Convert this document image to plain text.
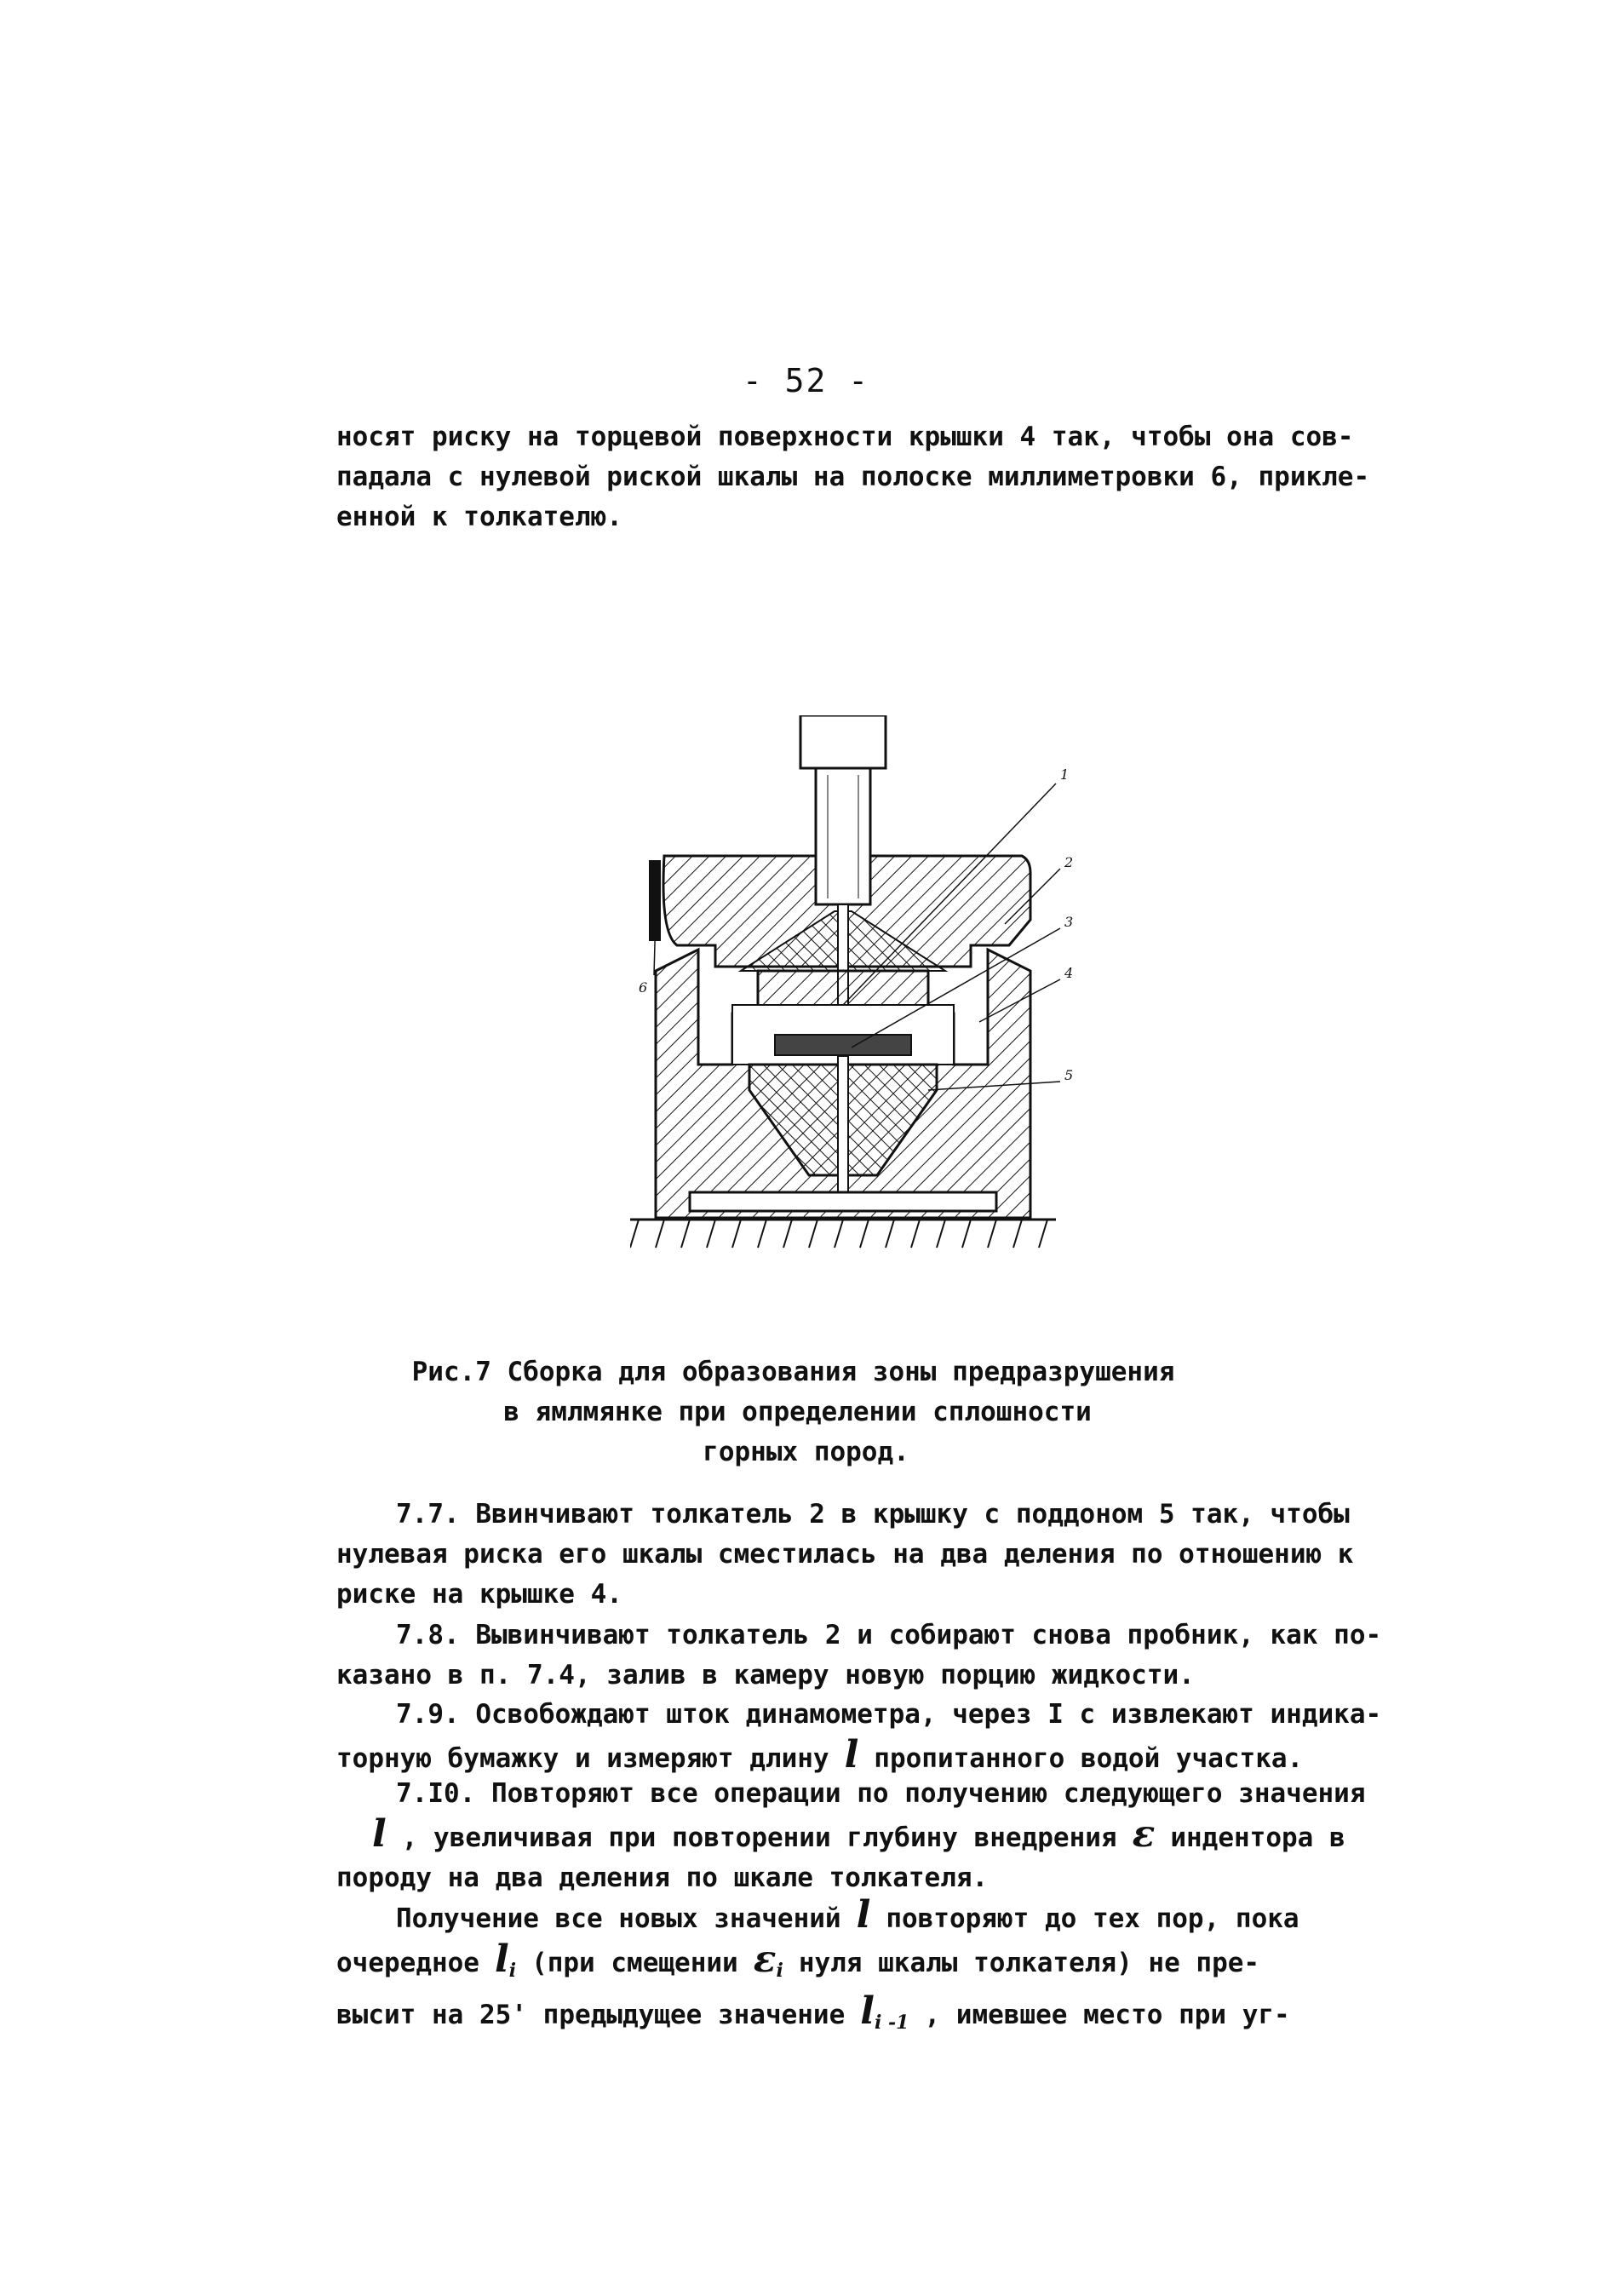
- 52 -
носят риску на торцевой поверхности крышки 4 так, чтобы она сов-
падала с нулевой риской шкалы на полоске миллиметровки 6, прикле-
енной к толкателю.
1
2
3
4
5
6
Рис.7 Сборка для образования зоны предразрушения
в ямлмянке при определении сплошности
горных пород.
7.7. Ввинчивают толкатель 2 в крышку с поддоном 5 так, чтобы
нулевая риска его шкалы сместилась на два деления по отношению к
риске на крышке 4.
7.8. Вывинчивают толкатель 2 и собирают снова пробник, как по-
казано в п. 7.4, залив в камеру новую порцию жидкости.
7.9. Освобождают шток динамометра, через I с извлекают индика-
торную бумажку и измеряют длину l пропитанного водой участка.
7.I0. Повторяют все операции по получению следующего значения
l , увеличивая при повторении глубину внедрения ε индентора в
породу на два деления по шкале толкателя.
Получение все новых значений l повторяют до тех пор, пока
очередное $l_i$ (при смещении $\varepsilon_i$ нуля шкалы толкателя) не пре-
высит на 25' предыдущее значение $l_{i -1}$ , имевшее место при уг-
